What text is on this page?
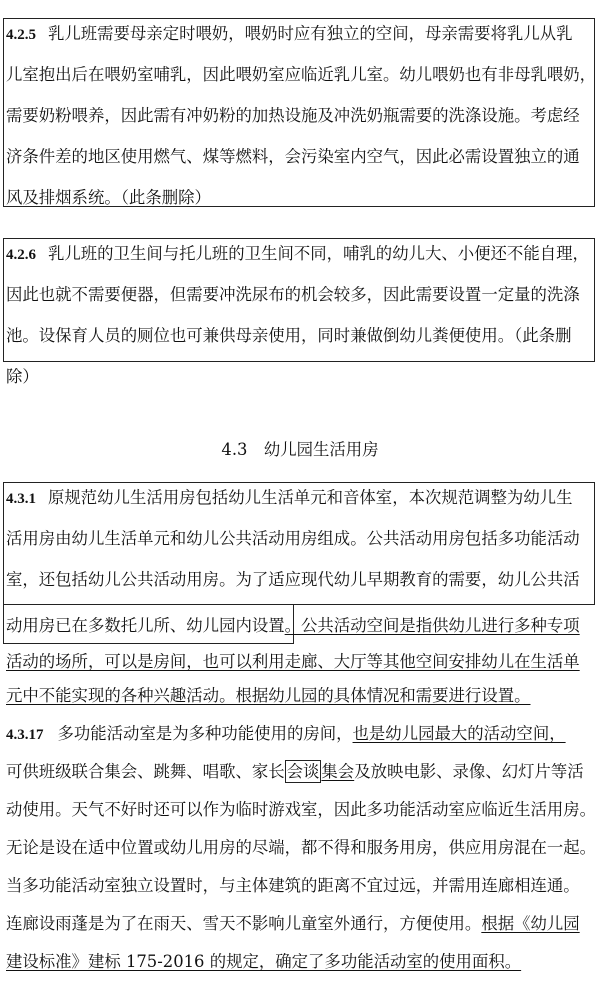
4.2.5 乳儿班需要母亲定时喂奶，喂奶时应有独立的空间，母亲需要将乳儿从乳
儿室抱出后在喂奶室哺乳，因此喂奶室应临近乳儿室。幼儿喂奶也有非母乳喂奶，
需要奶粉喂养，因此需有冲奶粉的加热设施及冲洗奶瓶需要的洗涤设施。考虑经
济条件差的地区使用燃气、煤等燃料，会污染室内空气，因此必需设置独立的通
风及排烟系统。（此条删除）
4.2.6 乳儿班的卫生间与托儿班的卫生间不同，哺乳的幼儿大、小便还不能自理，
因此也就不需要便器，但需要冲洗尿布的机会较多，因此需要设置一定量的洗涤
池。设保育人员的厕位也可兼供母亲使用，同时兼做倒幼儿粪便使用。（此条删
除）
4.3　幼儿园生活用房
4.3.1 原规范幼儿生活用房包括幼儿生活单元和音体室，本次规范调整为幼儿生
活用房由幼儿生活单元和幼儿公共活动用房组成。公共活动用房包括多功能活动
室，还包括幼儿公共活动用房。为了适应现代幼儿早期教育的需要，幼儿公共活
动用房已在多数托儿所、幼儿园内设置。公共活动空间是指供幼儿进行多种专项
活动的场所，可以是房间，也可以利用走廊、大厅等其他空间安排幼儿在生活单
元中不能实现的各种兴趣活动。根据幼儿园的具体情况和需要进行设置。
4.3.17 多功能活动室是为多种功能使用的房间，也是幼儿园最大的活动空间，
可供班级联合集会、跳舞、唱歌、家长 会谈 集会及放映电影、录像、幻灯片等活
动使用。天气不好时还可以作为临时游戏室，因此多功能活动室应临近生活用房。
无论是设在适中位置或幼儿用房的尽端，都不得和服务用房，供应用房混在一起。
当多功能活动室独立设置时，与主体建筑的距离不宜过远，并需用连廊相连通。
连廊设雨蓬是为了在雨天、雪天不影响儿童室外通行，方便使用。根据《幼儿园
建设标准》建标 175-2016 的规定，确定了多功能活动室的使用面积。
